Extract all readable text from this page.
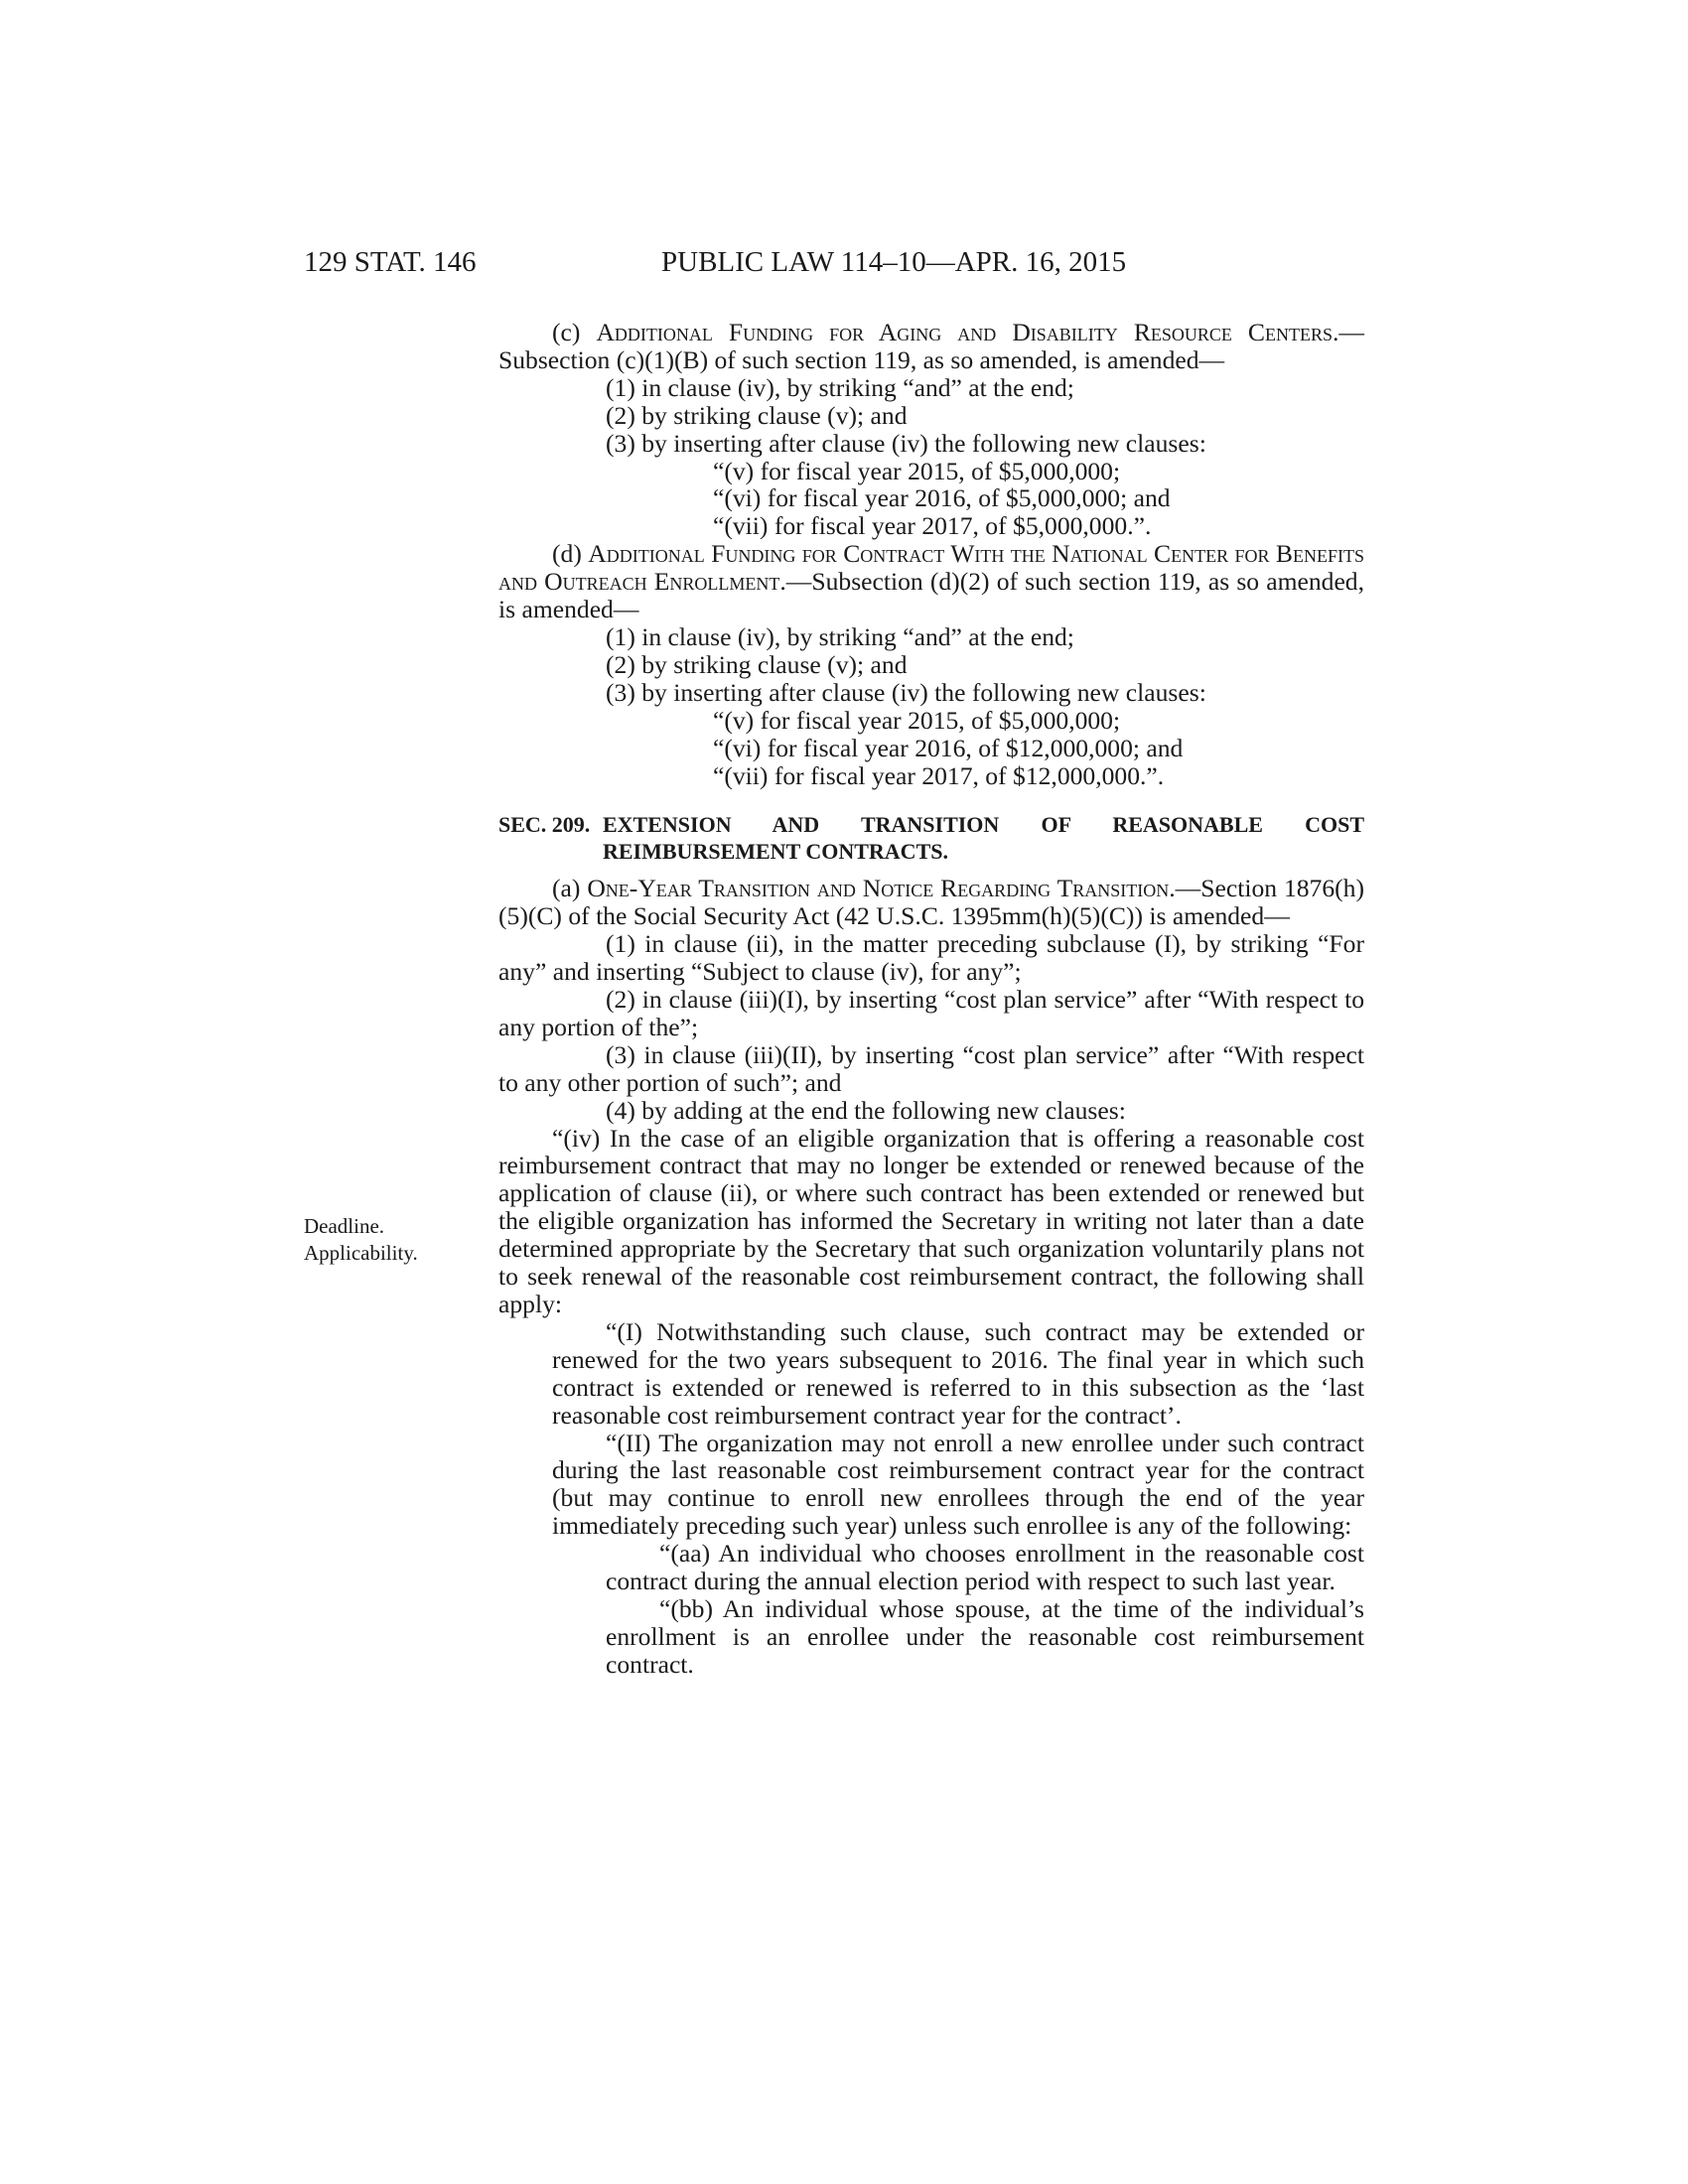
129 STAT. 146	PUBLIC LAW 114–10—APR. 16, 2015
Deadline.
Applicability.

(c) Additional Funding for Aging and Disability Resource Centers.—Subsection (c)(1)(B) of such section 119, as so amended, is amended—

(1) in clause (iv), by striking “and” at the end;

(2) by striking clause (v); and

(3) by inserting after clause (iv) the following new clauses:

“(v) for fiscal year 2015, of $5,000,000;

“(vi) for fiscal year 2016, of $5,000,000; and

“(vii) for fiscal year 2017, of $5,000,000.”.

(d) Additional Funding for Contract With the National Center for Benefits and Outreach Enrollment.—Subsection (d)(2) of such section 119, as so amended, is amended—

(1) in clause (iv), by striking “and” at the end;

(2) by striking clause (v); and

(3) by inserting after clause (iv) the following new clauses:

“(v) for fiscal year 2015, of $5,000,000;

“(vi) for fiscal year 2016, of $12,000,000; and

“(vii) for fiscal year 2017, of $12,000,000.”.

SEC. 209. EXTENSION AND TRANSITION OF REASONABLE COST REIMBURSEMENT CONTRACTS.

(a) One-Year Transition and Notice Regarding Transition.—Section 1876(h)(5)(C) of the Social Security Act (42 U.S.C. 1395mm(h)(5)(C)) is amended—

(1) in clause (ii), in the matter preceding subclause (I), by striking “For any” and inserting “Subject to clause (iv), for any”;

(2) in clause (iii)(I), by inserting “cost plan service” after “With respect to any portion of the”;

(3) in clause (iii)(II), by inserting “cost plan service” after “With respect to any other portion of such”; and

(4) by adding at the end the following new clauses:

“(iv) In the case of an eligible organization that is offering a reasonable cost reimbursement contract that may no longer be extended or renewed because of the application of clause (ii), or where such contract has been extended or renewed but the eligible organization has informed the Secretary in writing not later than a date determined appropriate by the Secretary that such organization voluntarily plans not to seek renewal of the reasonable cost reimbursement contract, the following shall apply:

“(I) Notwithstanding such clause, such contract may be extended or renewed for the two years subsequent to 2016. The final year in which such contract is extended or renewed is referred to in this subsection as the ‘last reasonable cost reimbursement contract year for the contract’.

“(II) The organization may not enroll a new enrollee under such contract during the last reasonable cost reimbursement contract year for the contract (but may continue to enroll new enrollees through the end of the year immediately preceding such year) unless such enrollee is any of the following:

“(aa) An individual who chooses enrollment in the reasonable cost contract during the annual election period with respect to such last year.

“(bb) An individual whose spouse, at the time of the individual’s enrollment is an enrollee under the reasonable cost reimbursement contract.
